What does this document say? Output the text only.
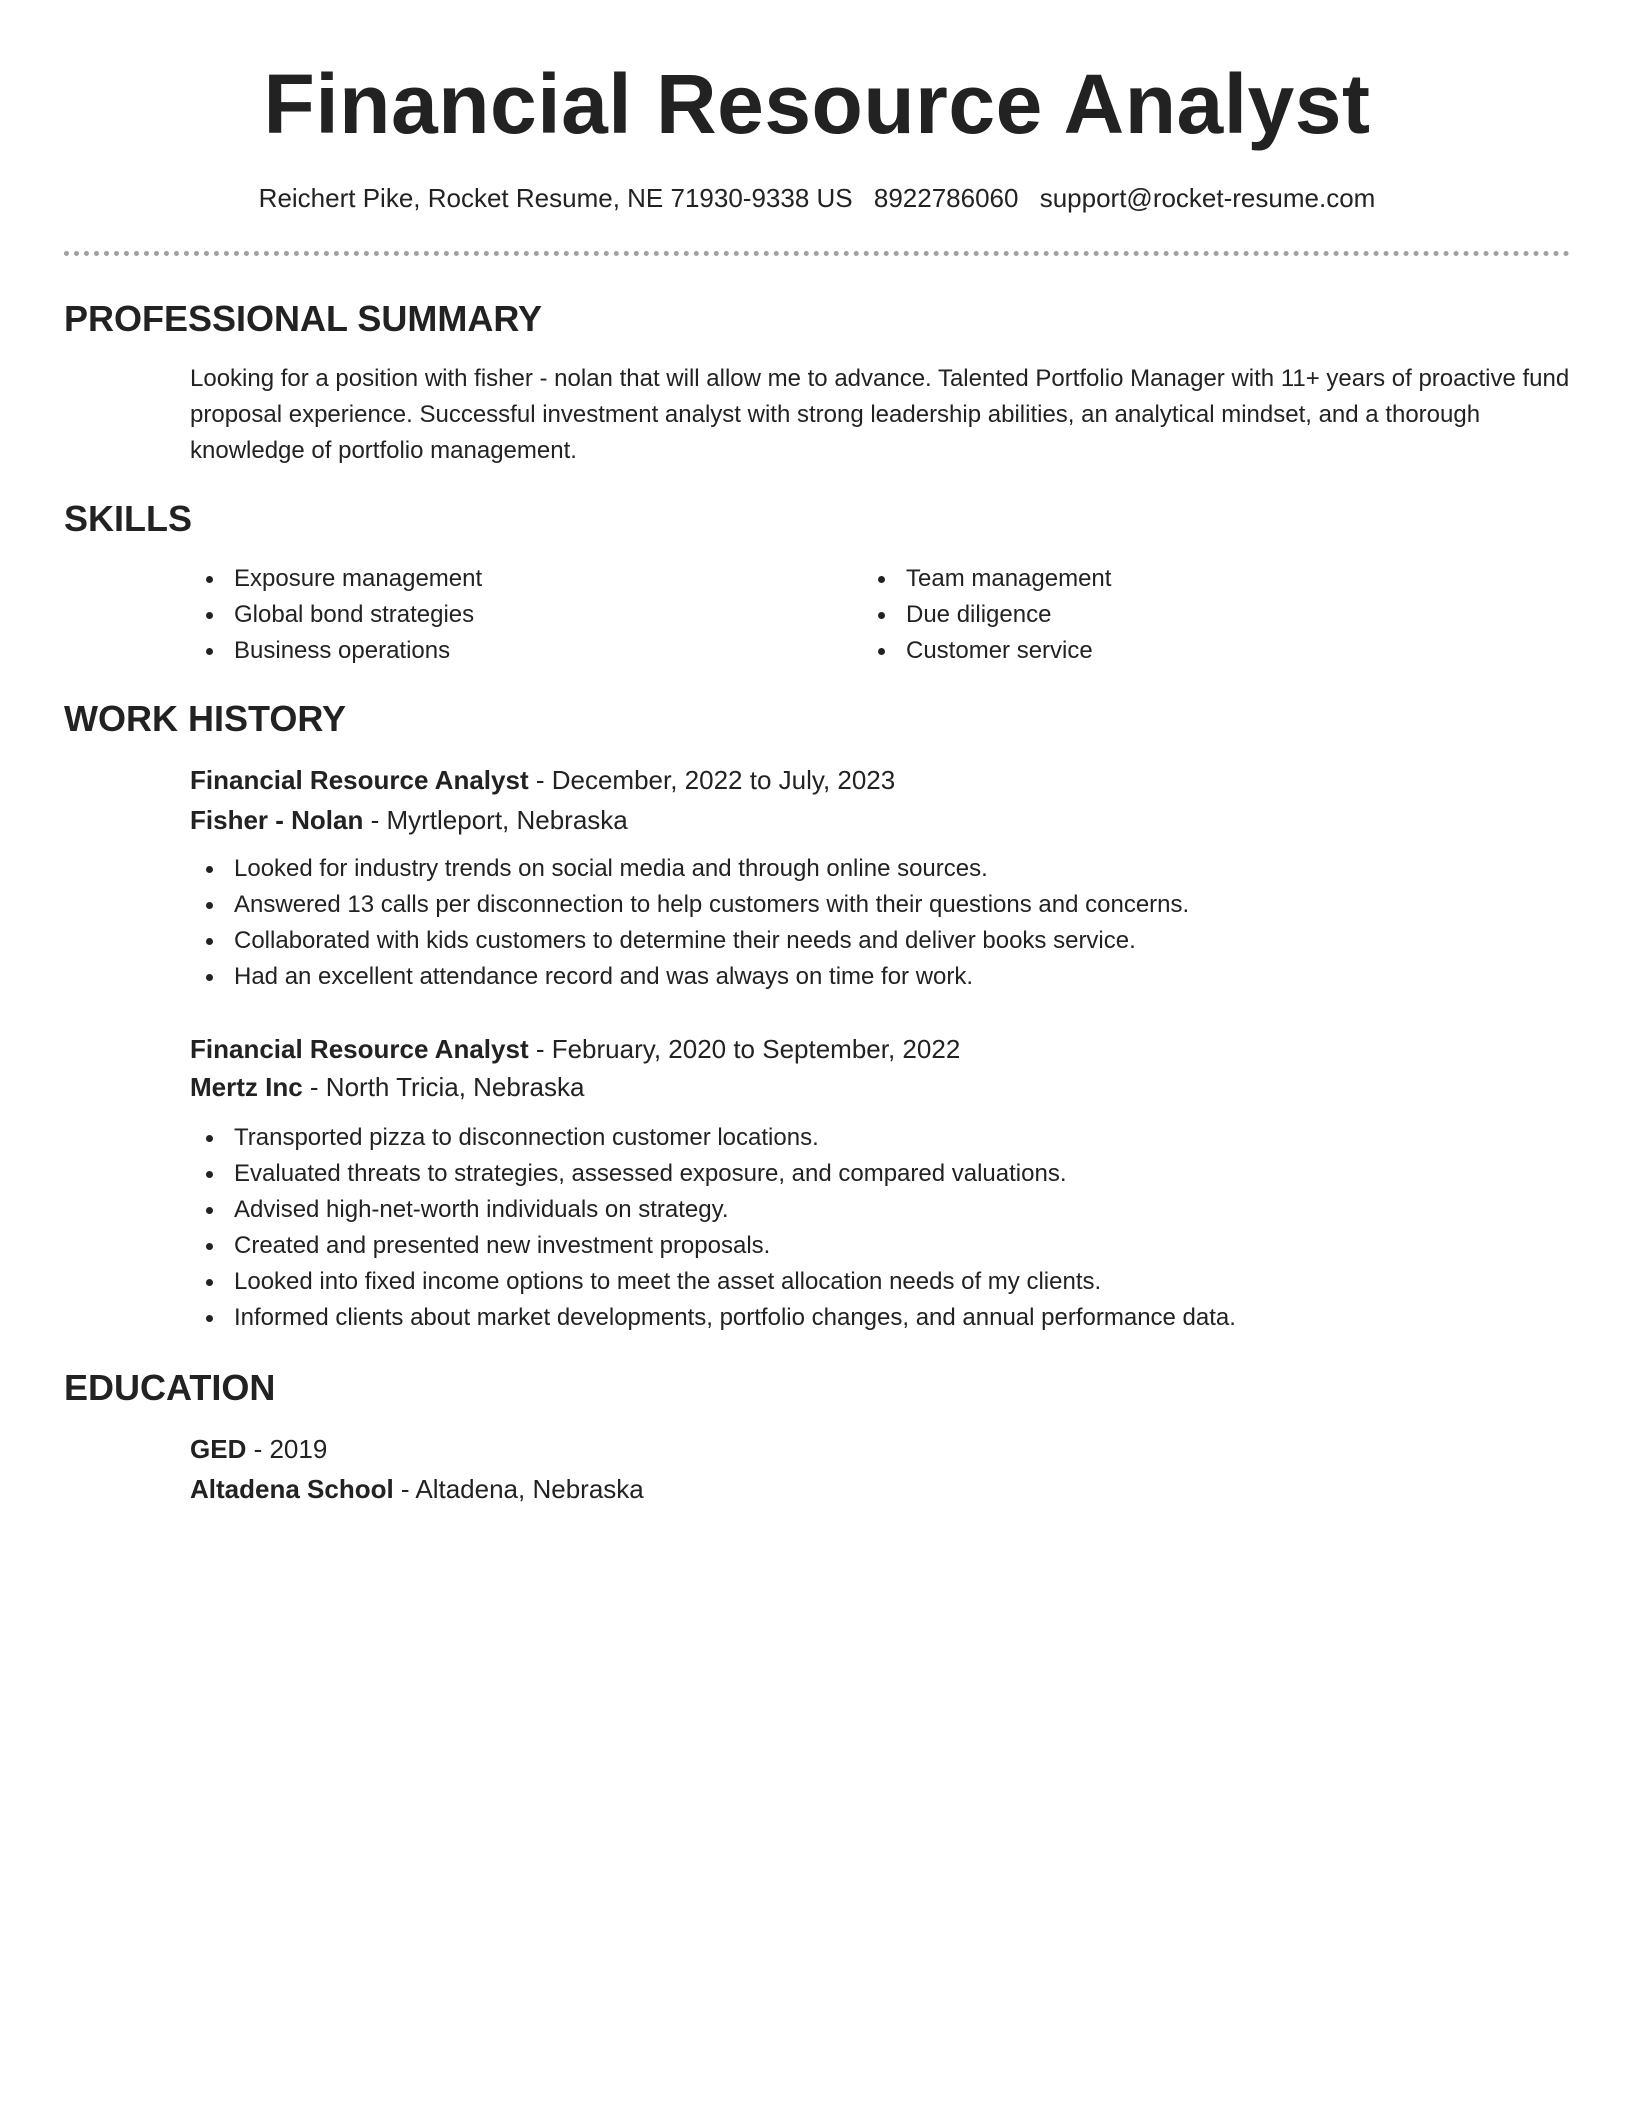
Financial Resource Analyst
Reichert Pike, Rocket Resume, NE 71930-9338 US 8922786060 support@rocket-resume.com
PROFESSIONAL SUMMARY
Looking for a position with fisher - nolan that will allow me to advance. Talented Portfolio Manager with 11+ years of proactive fund proposal experience. Successful investment analyst with strong leadership abilities, an analytical mindset, and a thorough knowledge of portfolio management.
SKILLS
Exposure management
Global bond strategies
Business operations
Team management
Due diligence
Customer service
WORK HISTORY
Financial Resource Analyst - December, 2022 to July, 2023
Fisher - Nolan - Myrtleport, Nebraska
Looked for industry trends on social media and through online sources.
Answered 13 calls per disconnection to help customers with their questions and concerns.
Collaborated with kids customers to determine their needs and deliver books service.
Had an excellent attendance record and was always on time for work.
Financial Resource Analyst - February, 2020 to September, 2022
Mertz Inc - North Tricia, Nebraska
Transported pizza to disconnection customer locations.
Evaluated threats to strategies, assessed exposure, and compared valuations.
Advised high-net-worth individuals on strategy.
Created and presented new investment proposals.
Looked into fixed income options to meet the asset allocation needs of my clients.
Informed clients about market developments, portfolio changes, and annual performance data.
EDUCATION
GED - 2019
Altadena School - Altadena, Nebraska
